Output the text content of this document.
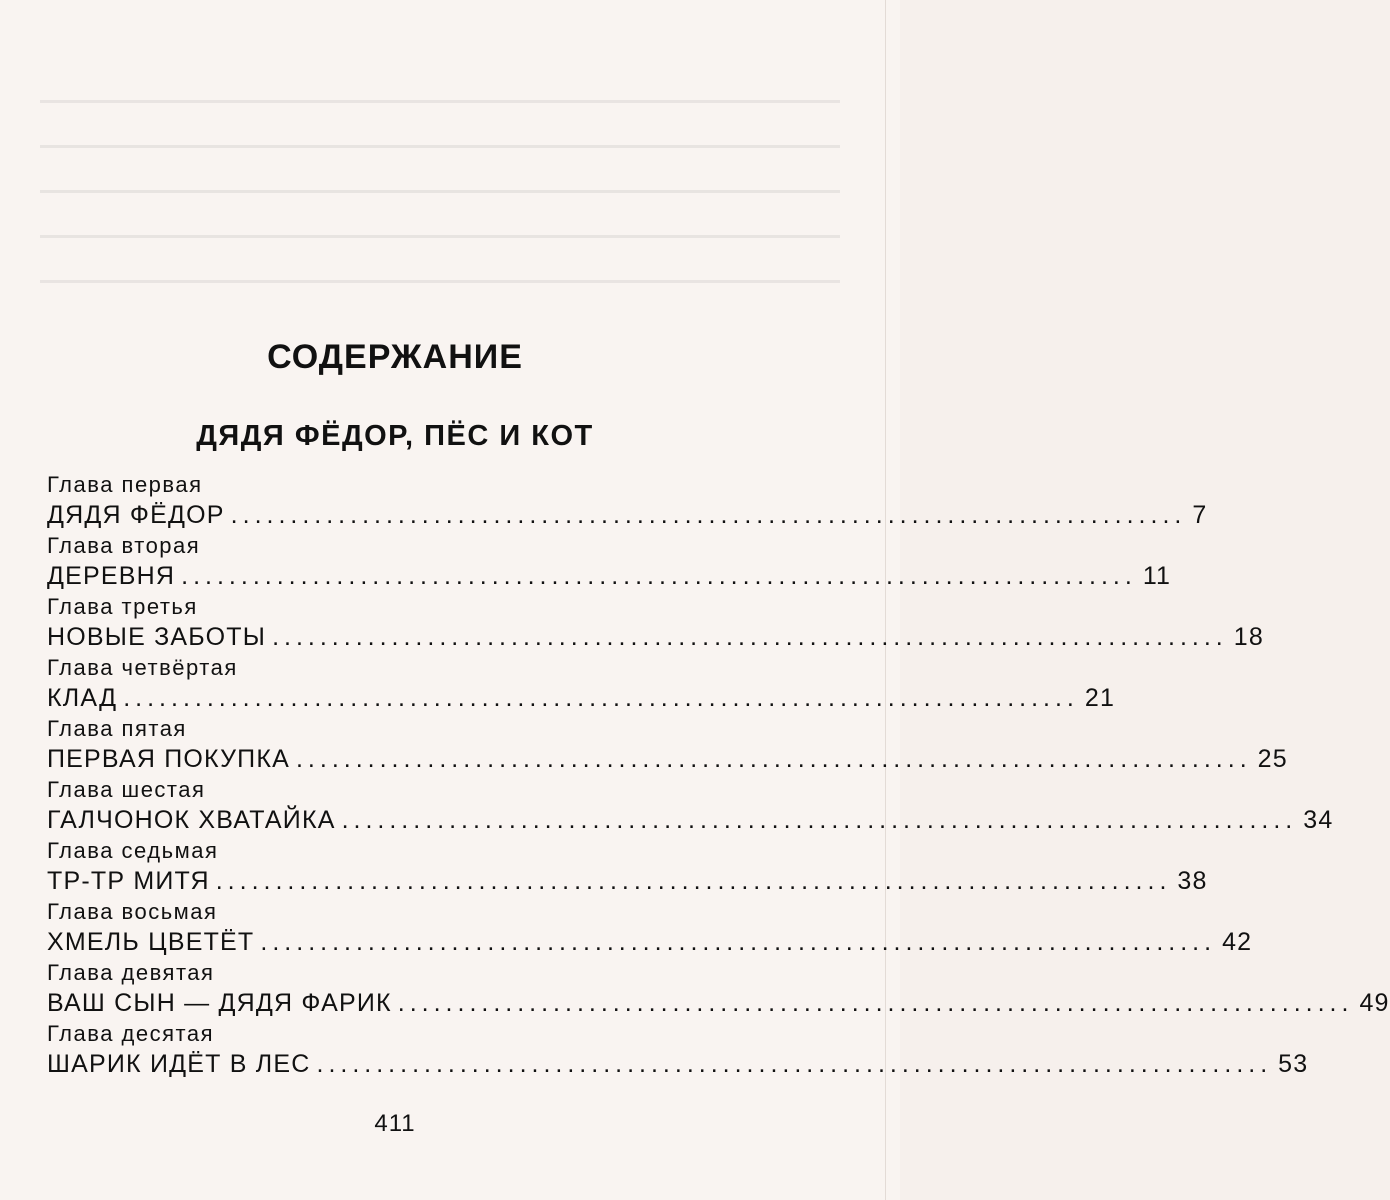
СОДЕРЖАНИЕ
ДЯДЯ ФЁДОР, ПЁС И КОТ
Глава первая
ДЯДЯ ФЁДОР ................................................................................ 7
Глава вторая
ДЕРЕВНЯ ................................................................................ 11
Глава третья
НОВЫЕ ЗАБОТЫ ................................................................................ 18
Глава четвёртая
КЛАД ................................................................................ 21
Глава пятая
ПЕРВАЯ ПОКУПКА ................................................................................ 25
Глава шестая
ГАЛЧОНОК ХВАТАЙКА ................................................................................ 34
Глава седьмая
ТР-ТР МИТЯ ................................................................................ 38
Глава восьмая
ХМЕЛЬ ЦВЕТЁТ ................................................................................ 42
Глава девятая
ВАШ СЫН — ДЯДЯ ФАРИК ................................................................................ 49
Глава десятая
ШАРИК ИДЁТ В ЛЕС ................................................................................ 53
411
